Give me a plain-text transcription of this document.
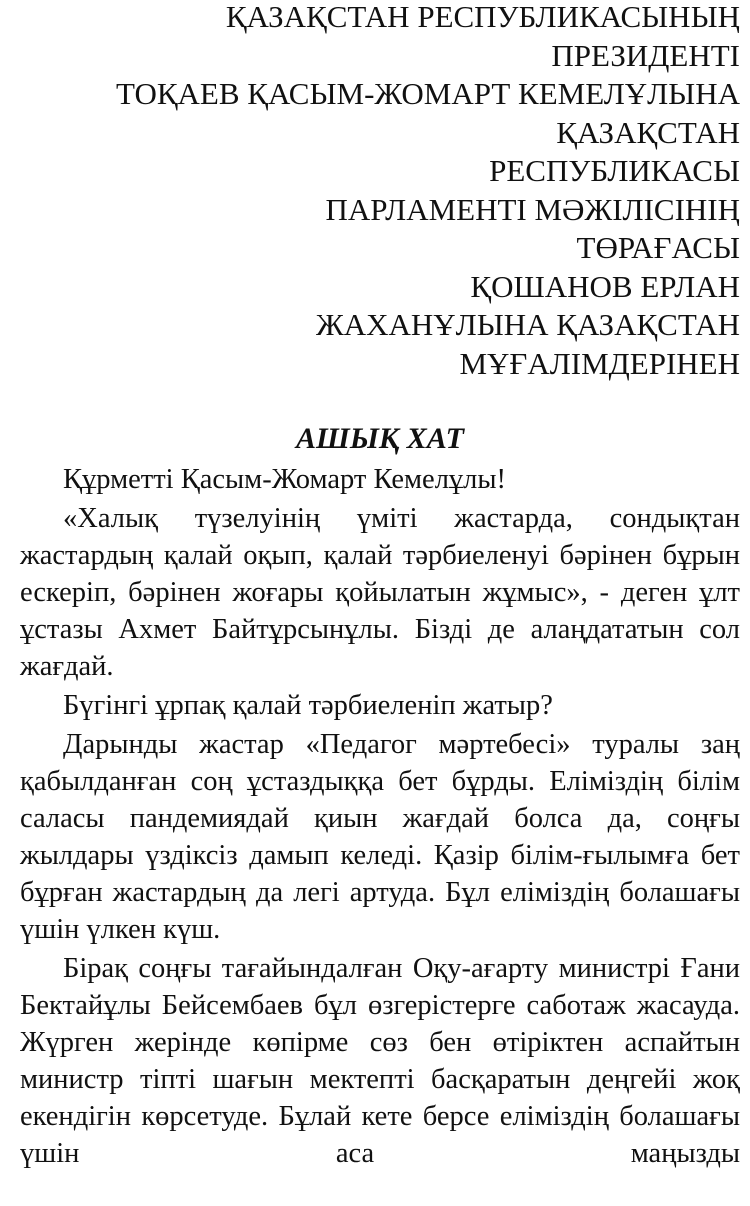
ҚАЗАҚСТАН РЕСПУБЛИКАСЫНЫҢ
ПРЕЗИДЕНТІ
ТОҚАЕВ ҚАСЫМ-ЖОМАРТ КЕМЕЛҰЛЫНА
ҚАЗАҚСТАН
РЕСПУБЛИКАСЫ
ПАРЛАМЕНТІ МӘЖІЛІСІНІҢ
ТӨРАҒАСЫ
ҚОШАНОВ ЕРЛАН
ЖАХАНҰЛЫНА ҚАЗАҚСТАН
МҰҒАЛІМДЕРІНЕН
АШЫҚ ХАТ

Құрметті Қасым-Жомарт Кемелұлы!

«Халық түзелуінің үміті жастарда, сондықтан жастардың қалай оқып, қалай тәрбиеленуі бәрінен бұрын ескеріп, бәрінен жоғары қойылатын жұмыс», - деген ұлт ұстазы Ахмет Байтұрсынұлы. Бізді де алаңдататын сол жағдай.

Бүгінгі ұрпақ қалай тәрбиеленіп жатыр?

Дарынды жастар «Педагог мәртебесі» туралы заң қабылданған соң ұстаздыққа бет бұрды. Еліміздің білім саласы пандемиядай қиын жағдай болса да, соңғы жылдары үздіксіз дамып келеді. Қазір білім-ғылымға бет бұрған жастардың да легі артуда. Бұл еліміздің болашағы үшін үлкен күш.

Бірақ соңғы тағайындалған Оқу-ағарту министрі Ғани Бектайұлы Бейсембаев бұл өзгерістерге саботаж жасауда. Жүрген жерінде көпірме сөз бен өтіріктен аспайтын министр тіпті шағын мектепті басқаратын деңгейі жоқ екендігін көрсетуде. Бұлай кете берсе еліміздің болашағы үшін аса маңызды
